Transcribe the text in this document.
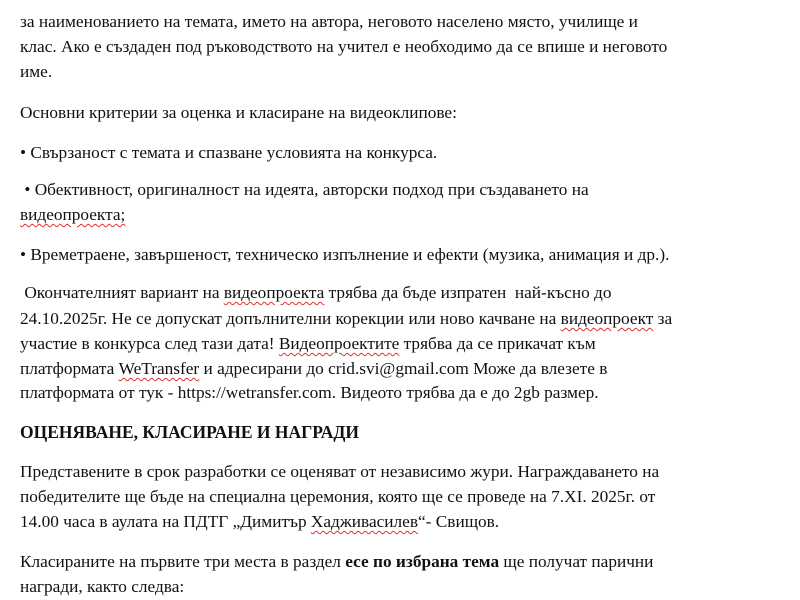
за наименованието на темата, името на автора, неговото населено място, училище и
клас. Ако е създаден под ръководството на учител е необходимо да се впише и неговото
име.
Основни критерии за оценка и класиране на видеоклипове:
• Свързаност с темата и спазване условията на конкурса.
• Обективност, оригиналност на идеята, авторски подход при създаването на
видеопроекта;
• Времетраене, завършеност, техническо изпълнение и ефекти (музика, анимация и др.).
Окончателният вариант на видеопроекта трябва да бъде изпратен  най-късно до
24.10.2025г. Не се допускат допълнителни корекции или ново качване на видеопроект за
участие в конкурса след тази дата! Видеопроектите трябва да се прикачат към
платформата WeTransfer и адресирани до crid.svi@gmail.com Може да влезете в
платформата от тук - https://wetransfer.com. Видеото трябва да е до 2gb размер.
ОЦЕНЯВАНЕ, КЛАСИРАНЕ И НАГРАДИ
Представените в срок разработки се оценяват от независимо жури. Награждаването на
победителите ще бъде на специална церемония, която ще се проведе на 7.XI. 2025г. от
14.00 часа в аулата на ПДТГ „Димитър Хадживаcилев“- Свищов.
Класираните на първите три места в раздел есе по избрана тема ще получат парични
награди, както следва:
